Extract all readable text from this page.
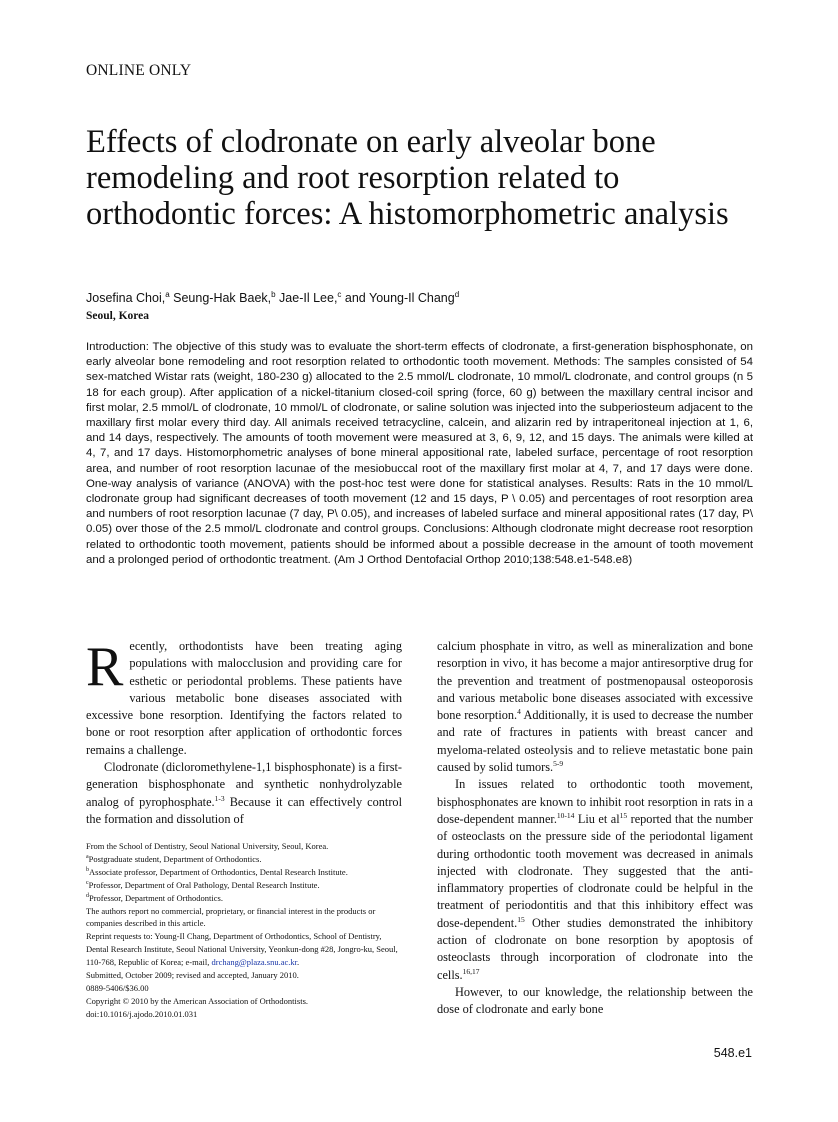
ONLINE ONLY
Effects of clodronate on early alveolar bone remodeling and root resorption related to orthodontic forces: A histomorphometric analysis
Josefina Choi,$^a$ Seung-Hak Baek,$^b$ Jae-Il Lee,$^c$ and Young-Il Chang$^d$
Seoul, Korea

Introduction: The objective of this study was to evaluate the short-term effects of clodronate, a first-generation bisphosphonate, on early alveolar bone remodeling and root resorption related to orthodontic tooth movement. Methods: The samples consisted of 54 sex-matched Wistar rats (weight, 180-230 g) allocated to the 2.5 mmol/L clodronate, 10 mmol/L clodronate, and control groups (n 5 18 for each group). After application of a nickel-titanium closed-coil spring (force, 60 g) between the maxillary central incisor and first molar, 2.5 mmol/L of clodronate, 10 mmol/L of clodronate, or saline solution was injected into the subperiosteum adjacent to the maxillary first molar every third day. All animals received tetracycline, calcein, and alizarin red by intraperitoneal injection at 1, 6, and 14 days, respectively. The amounts of tooth movement were measured at 3, 6, 9, 12, and 15 days. The animals were killed at 4, 7, and 17 days. Histomorphometric analyses of bone mineral appositional rate, labeled surface, percentage of root resorption area, and number of root resorption lacunae of the mesiobuccal root of the maxillary first molar at 4, 7, and 17 days were done. One-way analysis of variance (ANOVA) with the post-hoc test were done for statistical analyses. Results: Rats in the 10 mmol/L clodronate group had significant decreases of tooth movement (12 and 15 days, P \ 0.05) and percentages of root resorption area and numbers of root resorption lacunae (7 day, P\ 0.05), and increases of labeled surface and mineral appositional rates (17 day, P\ 0.05) over those of the 2.5 mmol/L clodronate and control groups. Conclusions: Although clodronate might decrease root resorption related to orthodontic tooth movement, patients should be informed about a possible decrease in the amount of tooth movement and a prolonged period of orthodontic treatment. (Am J Orthod Dentofacial Orthop 2010;138:548.e1-548.e8)

Recently, orthodontists have been treating aging populations with malocclusion and providing care for esthetic or periodontal problems. These patients have various metabolic bone diseases associated with excessive bone resorption. Identifying the factors related to bone or root resorption after application of orthodontic forces remains a challenge.

Clodronate (dicloromethylene-1,1 bisphosphonate) is a first-generation bisphosphonate and synthetic nonhydrolyzable analog of pyrophosphate.$^{1-3}$ Because it can effectively control the formation and dissolution of

calcium phosphate in vitro, as well as mineralization and bone resorption in vivo, it has become a major antiresorptive drug for the prevention and treatment of postmenopausal osteoporosis and various metabolic bone diseases associated with excessive bone resorption.$^4$ Additionally, it is used to decrease the number and rate of fractures in patients with breast cancer and myeloma-related osteolysis and to relieve metastatic bone pain caused by solid tumors.$^{5-9}$

In issues related to orthodontic tooth movement, bisphosphonates are known to inhibit root resorption in rats in a dose-dependent manner.$^{10-14}$ Liu et $al^{15}$ reported that the number of osteoclasts on the pressure side of the periodontal ligament during orthodontic tooth movement was decreased in animals injected with clodronate. They suggested that the anti-inflammatory properties of clodronate could be helpful in the treatment of periodontitis and that this inhibitory effect was dose-dependent.$^{15}$ Other studies demonstrated the inhibitory action of clodronate on bone resorption by apoptosis of osteoclasts through incorporation of clodronate into the cells.$^{16,17}$

However, to our knowledge, the relationship between the dose of clodronate and early bone

From the School of Dentistry, Seoul National University, Seoul, Korea.
$^a$Postgraduate student, Department of Orthodontics.
$^b$Associate professor, Department of Orthodontics, Dental Research Institute.
$^c$Professor, Department of Oral Pathology, Dental Research Institute.
$^d$Professor, Department of Orthodontics.
The authors report no commercial, proprietary, or financial interest in the products or companies described in this article.
Reprint requests to: Young-Il Chang, Department of Orthodontics, School of Dentistry, Dental Research Institute, Seoul National University, Yeonkun-dong #28, Jongro-ku, Seoul, 110-768, Republic of Korea; e-mail, drchang@plaza.snu.ac.kr.
Submitted, October 2009; revised and accepted, January 2010.
0889-5406/$36.00
Copyright © 2010 by the American Association of Orthodontists.
doi:10.1016/j.ajodo.2010.01.031
548.e1
